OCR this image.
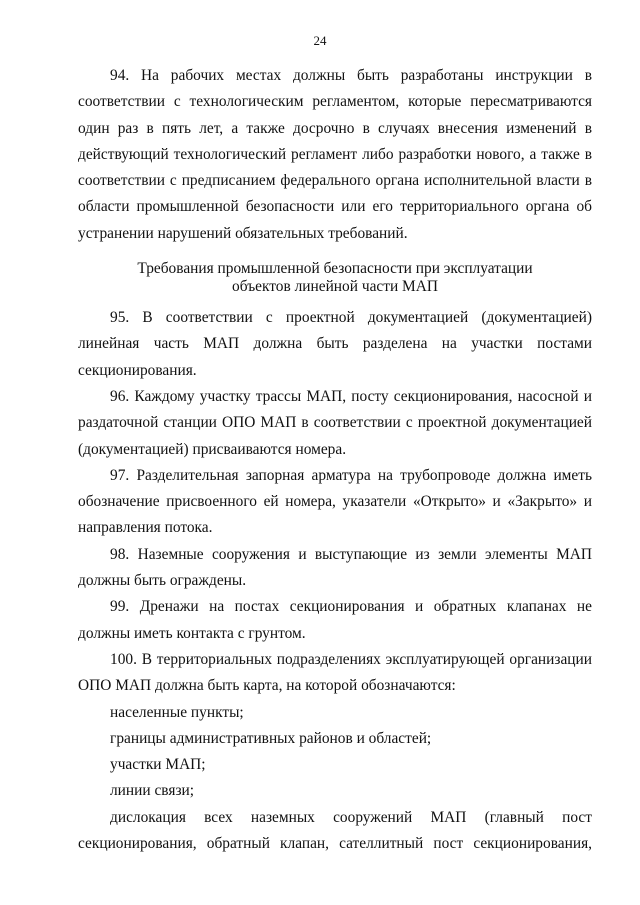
24

94. На рабочих местах должны быть разработаны инструкции в соответствии с технологическим регламентом, которые пересматриваются один раз в пять лет, а также досрочно в случаях внесения изменений в действующий технологический регламент либо разработки нового, а также в соответствии с предписанием федерального органа исполнительной власти в области промышленной безопасности или его территориального органа об устранении нарушений обязательных требований.

Требования промышленной безопасности при эксплуатации
объектов линейной части МАП

95. В соответствии с проектной документацией (документацией) линейная часть МАП должна быть разделена на участки постами секционирования.

96. Каждому участку трассы МАП, посту секционирования, насосной и раздаточной станции ОПО МАП в соответствии с проектной документацией (документацией) присваиваются номера.

97. Разделительная запорная арматура на трубопроводе должна иметь обозначение присвоенного ей номера, указатели «Открыто» и «Закрыто» и направления потока.

98. Наземные сооружения и выступающие из земли элементы МАП должны быть ограждены.

99. Дренажи на постах секционирования и обратных клапанах не должны иметь контакта с грунтом.

100. В территориальных подразделениях эксплуатирующей организации ОПО МАП должна быть карта, на которой обозначаются:

населенные пункты;

границы административных районов и областей;

участки МАП;

линии связи;

дислокация всех наземных сооружений МАП (главный пост секционирования, обратный клапан, сателлитный пост секционирования,
